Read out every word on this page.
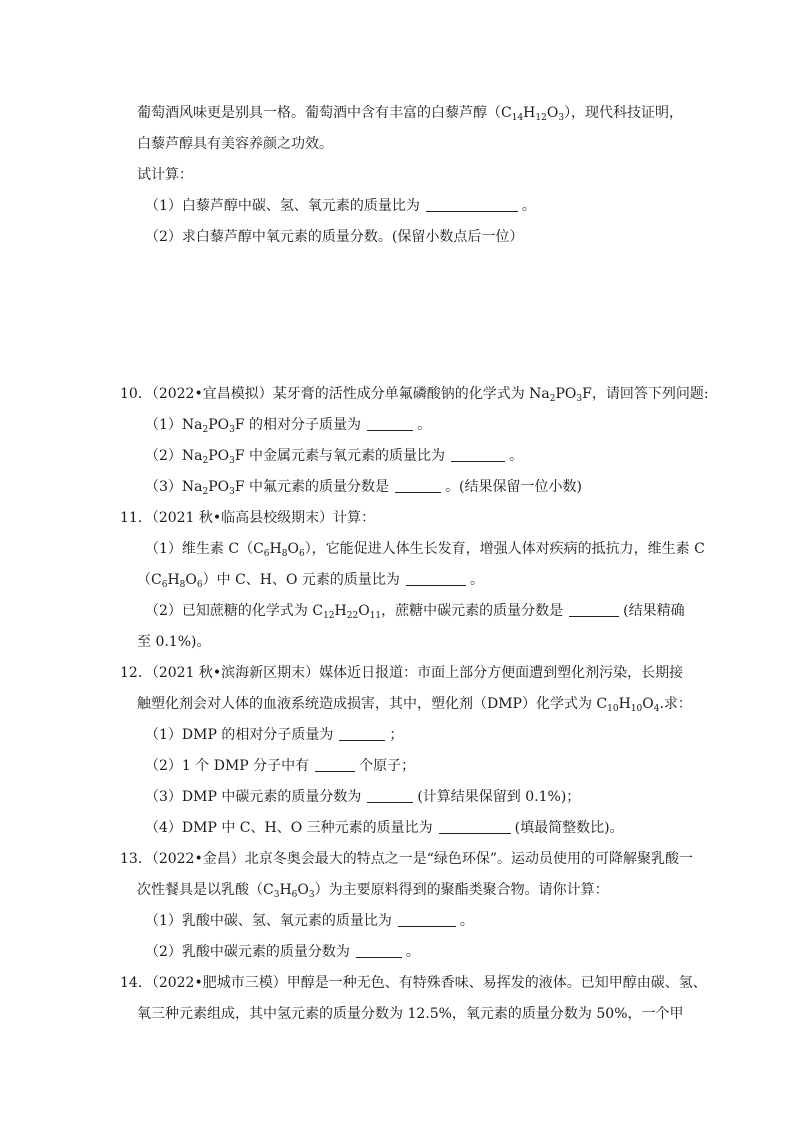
葡萄酒风味更是别具一格。葡萄酒中含有丰富的白藜芦醇$(C_{14}H_{12}O_3)$，现代科技证明，
白藜芦醇具有美容养颜之功效。
试计算：
（1）白藜芦醇中碳、氢、氧元素的质量比为	。
（2）求白藜芦醇中氧元素的质量分数。(保留小数点后一位）
10．（2022•宜昌模拟）某牙膏的活性成分单氟磷酸钠的化学式为 $Na_2PO_3F$，请回答下列问题:
$(1)Na_2PO_3F$ 的相对分子质量为	。
$(2)Na_2PO_3F$ 中金属元素与氧元素的质量比为	。
$(3)Na_2PO_3F$ 中氟元素的质量分数是	。(结果保留一位小数)
11．（2021 秋•临高县校级期末）计算：
（1）维生素 $C(C_6H_8O_6)$，它能促进人体生长发育，增强人体对疾病的抵抗力，维生素 C
$(C_6H_8O_6)$中 C、H、O 元素的质量比为	。
（2）已知蔗糖的化学式为 $C_{12}H_{22}O_{11}$，蔗糖中碳元素的质量分数是	(结果精确
至 0.1%)。
12．（2021 秋•滨海新区期末）媒体近日报道：市面上部分方便面遭到塑化剂污染，长期接
触塑化剂会对人体的血液系统造成损害，其中，塑化剂（DMP）化学式为 $C_{10}H_{10}O_4$.求：
（1）DMP 的相对分子质量为	；
（2）1 个 DMP 分子中有	个原子；
（3）DMP 中碳元素的质量分数为	(计算结果保留到 0.1%)；
（4）DMP 中 C、H、O 三种元素的质量比为	(填最简整数比)。
13．（2022•金昌）北京冬奥会最大的特点之一是“绿色环保”。运动员使用的可降解聚乳酸一
次性餐具是以乳酸$(C_3H_6O_3)$为主要原料得到的聚酯类聚合物。请你计算：
（1）乳酸中碳、氢、氧元素的质量比为	。
（2）乳酸中碳元素的质量分数为	。
14．（2022•肥城市三模）甲醇是一种无色、有特殊香味、易挥发的液体。已知甲醇由碳、氢、
氧三种元素组成，其中氢元素的质量分数为 12.5%，氧元素的质量分数为 50%，一个甲
